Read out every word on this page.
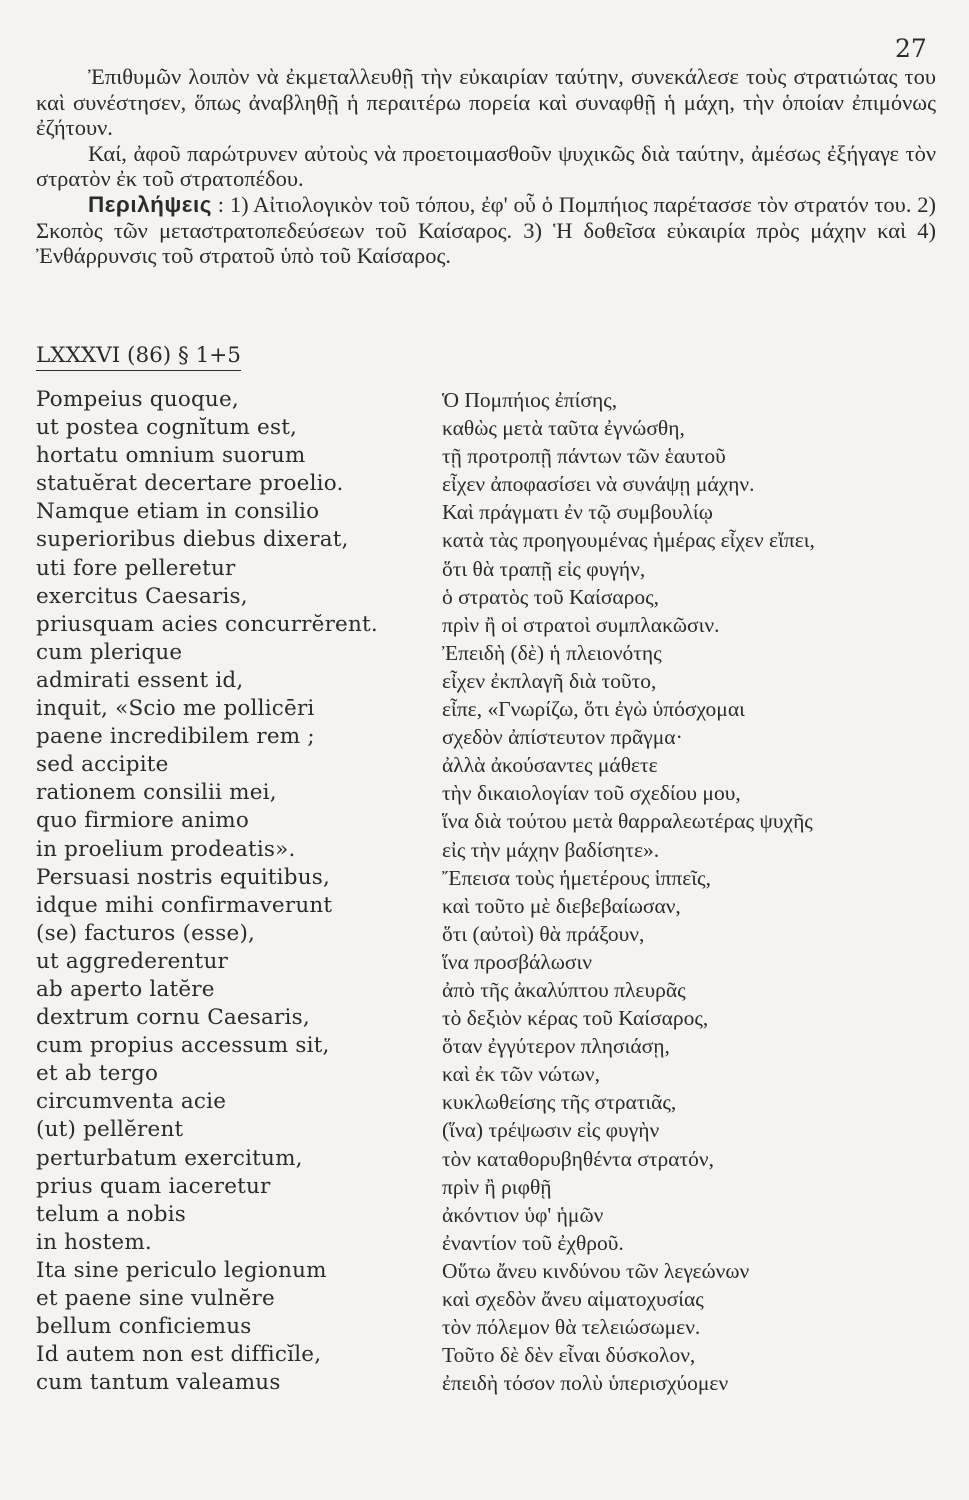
27

Ἐπιθυμῶν λοιπὸν νὰ ἐκμεταλλευθῇ τὴν εὐκαιρίαν ταύτην, συνεκάλεσε τοὺς στρατιώτας του καὶ συνέστησεν, ὅπως ἀναβληθῇ ἡ περαιτέρω πορεία καὶ συναφθῇ ἡ μάχη, τὴν ὁποίαν ἐπιμόνως ἐζήτουν.

Καί, ἀφοῦ παρώτρυνεν αὐτοὺς νὰ προετοιμασθοῦν ψυχικῶς διὰ ταύτην, ἀμέσως ἐξήγαγε τὸν στρατὸν ἐκ τοῦ στρατοπέδου.

Περιλήψεις : 1) Αἰτιολογικὸν τοῦ τόπου, ἐφ' οὗ ὁ Πομπήιος παρέτασσε τὸν στρατόν του. 2) Σκοπὸς τῶν μεταστρατοπεδεύσεων τοῦ Καίσαρος. 3) Ἡ δοθεῖσα εὐκαιρία πρὸς μάχην καὶ 4) Ἐνθάρρυνσις τοῦ στρατοῦ ὑπὸ τοῦ Καίσαρος.

LXXXVI (86) § 1+5
Pompeius quoque,
ut postea cognĭtum est,
hortatu omnium suorum
statuĕrat decertare proelio.
Namque etiam in consilio
superioribus diebus dixerat,
uti fore pelleretur
exercitus Caesaris,
priusquam acies concurrĕrent.
cum plerique
admirati essent id,
inquit, «Scio me pollicēri
paene incredibilem rem ;
sed accipite
rationem consilii mei,
quo firmiore animo
in proelium prodeatis».
Persuasi nostris equitibus,
idque mihi confirmaverunt
(se) facturos (esse),
ut aggrederentur
ab aperto latĕre
dextrum cornu Caesaris,
cum propius accessum sit,
et ab tergo
circumventa acie
(ut) pellĕrent
perturbatum exercitum,
prius quam iaceretur
telum a nobis
in hostem.
Ita sine periculo legionum
et paene sine vulnĕre
bellum conficiemus
Id autem non est difficĭle,
cum tantum valeamus
Ὁ Πομπήιος ἐπίσης,
καθὼς μετὰ ταῦτα ἐγνώσθη,
τῇ προτροπῇ πάντων τῶν ἑαυτοῦ
εἶχεν ἀποφασίσει νὰ συνάψῃ μάχην.
Καὶ πράγματι ἐν τῷ συμβουλίῳ
κατὰ τὰς προηγουμένας ἡμέρας εἶχεν εἴπει,
ὅτι θὰ τραπῇ εἰς φυγήν,
ὁ στρατὸς τοῦ Καίσαρος,
πρὶν ἢ οἱ στρατοὶ συμπλακῶσιν.
Ἐπειδὴ (δὲ) ἡ πλειονότης
εἶχεν ἐκπλαγῆ διὰ τοῦτο,
εἶπε, «Γνωρίζω, ὅτι ἐγὼ ὑπόσχομαι
σχεδὸν ἀπίστευτον πρᾶγμα·
ἀλλὰ ἀκούσαντες μάθετε
τὴν δικαιολογίαν τοῦ σχεδίου μου,
ἵνα διὰ τούτου μετὰ θαρραλεωτέρας ψυχῆς
εἰς τὴν μάχην βαδίσητε».
Ἔπεισα τοὺς ἡμετέρους ἱππεῖς,
καὶ τοῦτο μὲ διεβεβαίωσαν,
ὅτι (αὐτοὶ) θὰ πράξουν,
ἵνα προσβάλωσιν
ἀπὸ τῆς ἀκαλύπτου πλευρᾶς
τὸ δεξιὸν κέρας τοῦ Καίσαρος,
ὅταν ἐγγύτερον πλησιάσῃ,
καὶ ἐκ τῶν νώτων,
κυκλωθείσης τῆς στρατιᾶς,
(ἵνα) τρέψωσιν εἰς φυγὴν
τὸν καταθορυβηθέντα στρατόν,
πρὶν ἢ ριφθῇ
ἀκόντιον ὑφ' ἡμῶν
ἐναντίον τοῦ ἐχθροῦ.
Οὕτω ἄνευ κινδύνου τῶν λεγεώνων
καὶ σχεδὸν ἄνευ αἱματοχυσίας
τὸν πόλεμον θὰ τελειώσωμεν.
Τοῦτο δὲ δὲν εἶναι δύσκολον,
ἐπειδὴ τόσον πολὺ ὑπερισχύομεν
